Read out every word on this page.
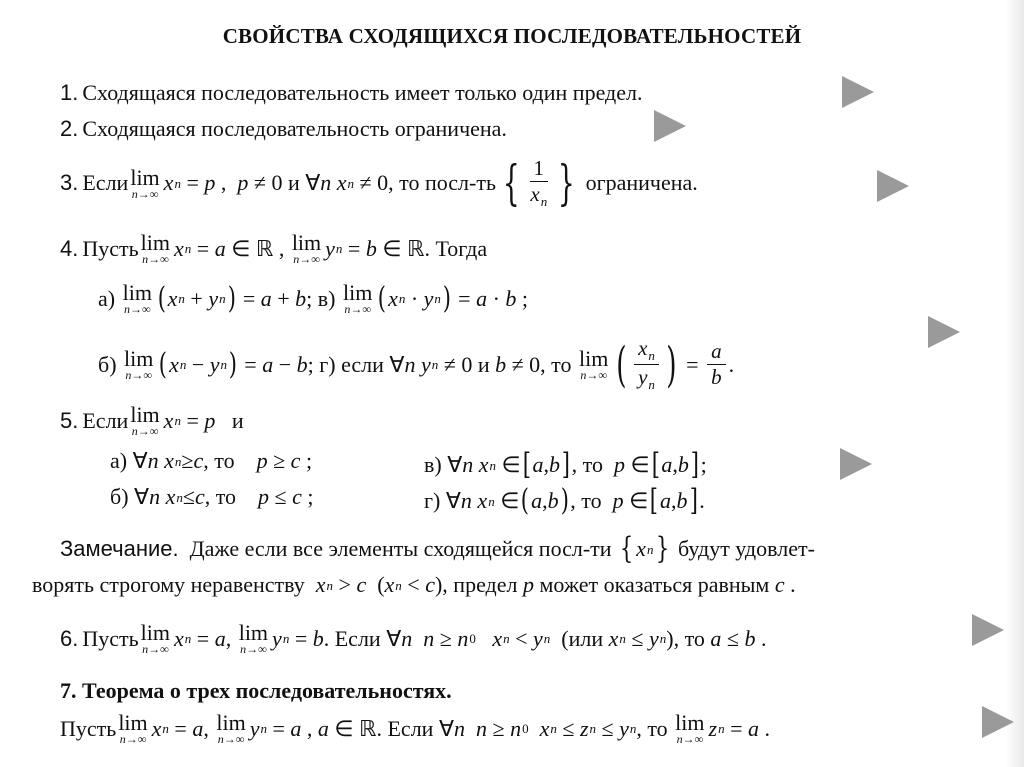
СВОЙСТВА СХОДЯЩИХСЯ ПОСЛЕДОВАТЕЛЬНОСТЕЙ
1. Сходящаяся последовательность имеет только один предел.
2. Сходящаяся последовательность ограничена.
3. Если lim
n→∞ x n = p , p
≠ 0 и ∀ n
x n
≠ 0 , то посл-ть { $\frac{1}{x_n}$ } ограничена.
4. Пусть lim
n→∞ x n = a
∈
ℝ , lim
n→∞ y n = b
∈
ℝ . Тогда
а)
lim
n→∞ ( x n + y n ) = a + b ; в)
lim
n→∞ ( x n · y n ) = a · b ;
б)
lim
n→∞ ( x n − y n ) = a − b ; г) если
∀ n
y n
≠ 0 и
b
≠ 0 , то
lim
n→∞ ( $\frac{x_n}{y_n}$ ) = $\frac{a}{b}$ .
5. Если lim
n→∞ x n = p
и
а)
∀ n
x n ≥ c , то
p
≥
c ;	в)
∀ n
x n
∈ [ a , b ] , то
p
∈ [ a , b ] ;
б)
∀ n
x n ≤ c , то
p
≤
c ;	г)
∀ n
x n
∈ ( a , b ) , то
p
∈ [ a , b ] .
Замечание.
Даже если все элементы сходящейся посл-ти
{ x n }
будут удовлет-
ворять строгому неравенству
x n > c ( x n < c ), предел
p
может оказаться равным
c .
6. Пусть lim
n→∞ x n = a , lim
n→∞ y n = b . Если
∀ n
n
≥
n 0
x n < y n
(или
x n
≤
y n ), то
a
≤
b .
7. Теорема о трех последовательностях.
Пусть lim
n→∞ x n = a , lim
n→∞ y n = a , a
∈
ℝ . Если
∀ n
n
≥
n 0
x n
≤
z n
≤
y n , то
lim
n→∞ z n = a .
